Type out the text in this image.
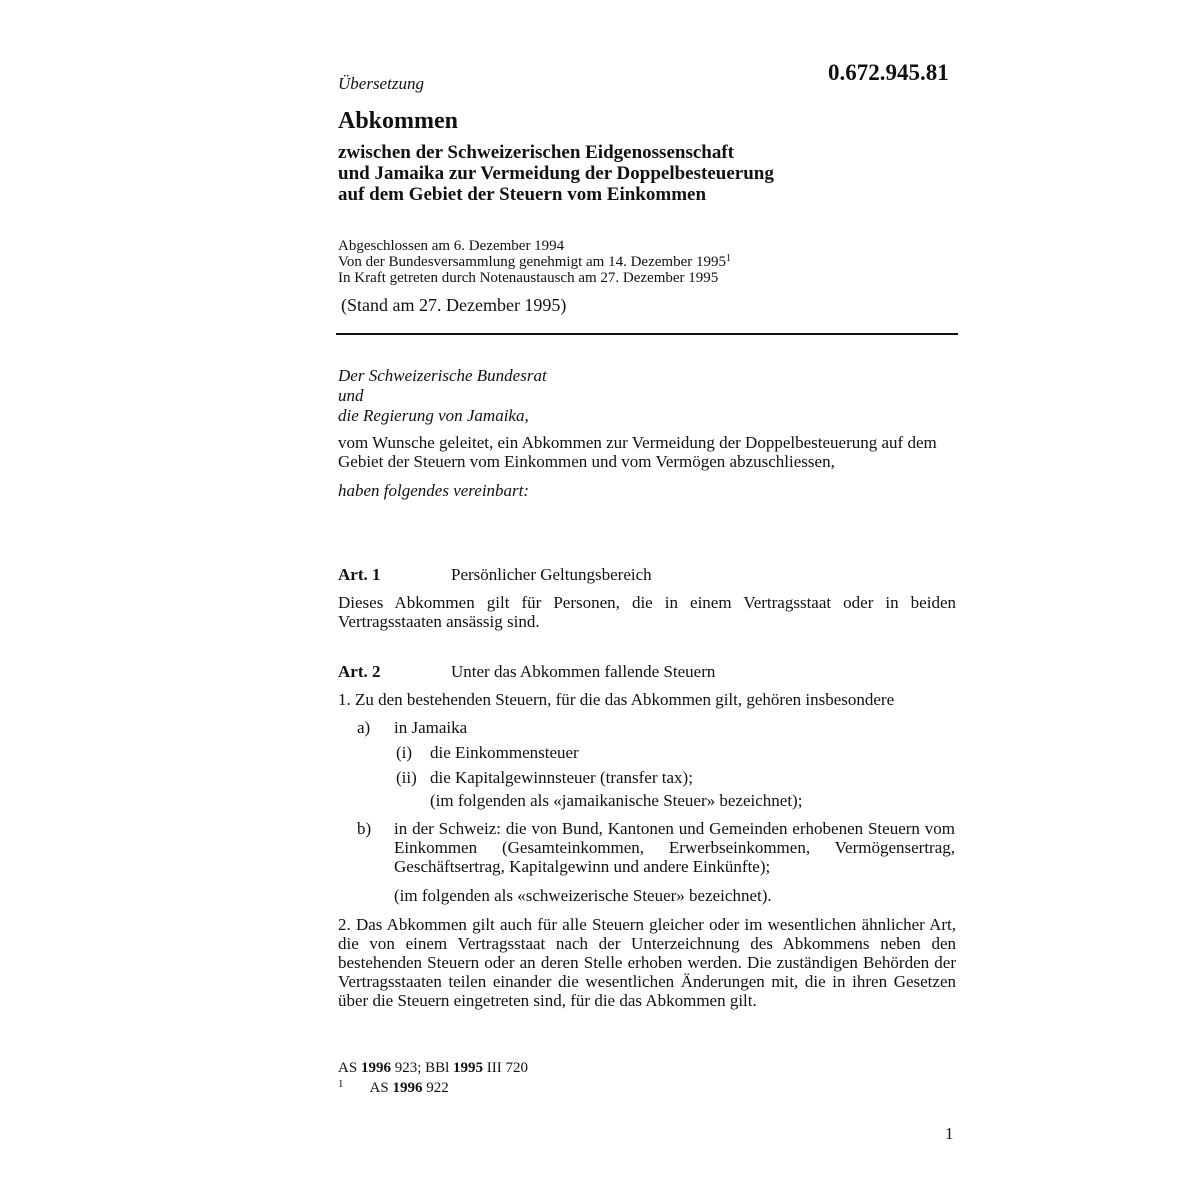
Übersetzung	0.672.945.81
Abkommen
zwischen der Schweizerischen Eidgenossenschaft
und Jamaika zur Vermeidung der Doppelbesteuerung
auf dem Gebiet der Steuern vom Einkommen
Abgeschlossen am 6. Dezember 1994
Von der Bundesversammlung genehmigt am 14. Dezember 1995$^1$
In Kraft getreten durch Notenaustausch am 27. Dezember 1995
(Stand am 27. Dezember 1995)
Der Schweizerische Bundesrat
und
die Regierung von Jamaika,
vom Wunsche geleitet, ein Abkommen zur Vermeidung der Doppelbesteuerung auf dem Gebiet der Steuern vom Einkommen und vom Vermögen abzuschliessen,
haben folgendes vereinbart:
Art. 1	Persönlicher Geltungsbereich
Dieses Abkommen gilt für Personen, die in einem Vertragsstaat oder in beiden Vertragsstaaten ansässig sind.
Art. 2	Unter das Abkommen fallende Steuern
1. Zu den bestehenden Steuern, für die das Abkommen gilt, gehören insbesondere
a) in Jamaika
(i) die Einkommensteuer
(ii) die Kapitalgewinnsteuer (transfer tax);
(im folgenden als «jamaikanische Steuer» bezeichnet);
b) in der Schweiz: die von Bund, Kantonen und Gemeinden erhobenen Steuern vom Einkommen (Gesamteinkommen, Erwerbseinkommen, Vermögensertrag, Geschäftsertrag, Kapitalgewinn und andere Einkünfte);
(im folgenden als «schweizerische Steuer» bezeichnet).
2. Das Abkommen gilt auch für alle Steuern gleicher oder im wesentlichen ähnlicher Art, die von einem Vertragsstaat nach der Unterzeichnung des Abkommens neben den bestehenden Steuern oder an deren Stelle erhoben werden. Die zuständigen Behörden der Vertragsstaaten teilen einander die wesentlichen Änderungen mit, die in ihren Gesetzen über die Steuern eingetreten sind, für die das Abkommen gilt.
AS 1996 923; BBl 1995 III 720
$^1$ AS 1996 922
1
